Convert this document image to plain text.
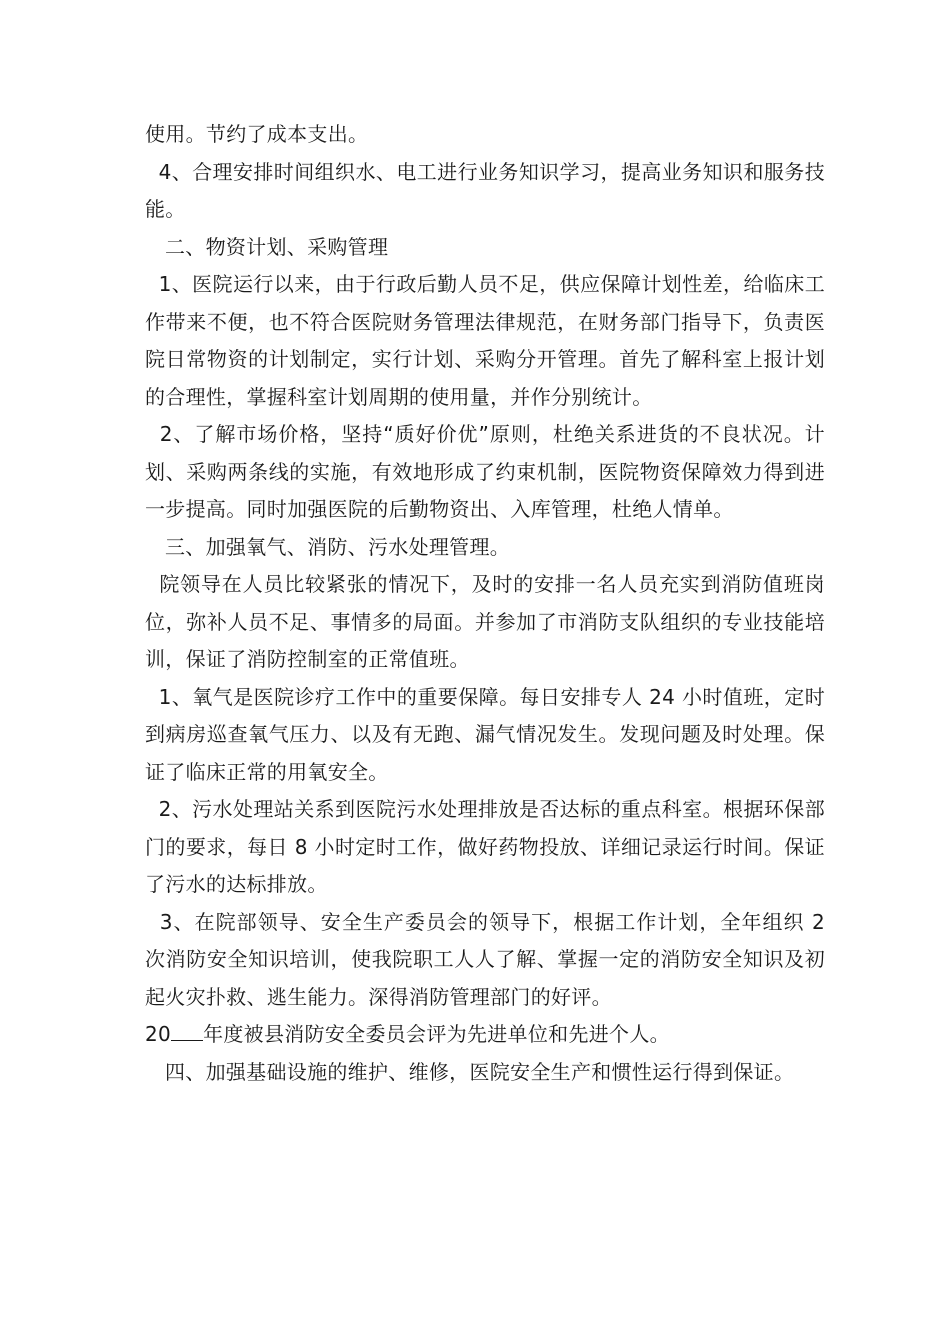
使用。节约了成本支出。

4、合理安排时间组织水、电工进行业务知识学习，提高业务知识和服务技能。

二、物资计划、采购管理

1、医院运行以来，由于行政后勤人员不足，供应保障计划性差，给临床工作带来不便，也不符合医院财务管理法律规范，在财务部门指导下，负责医院日常物资的计划制定，实行计划、采购分开管理。首先了解科室上报计划的合理性，掌握科室计划周期的使用量，并作分别统计。

2、了解市场价格，坚持“质好价优”原则，杜绝关系进货的不良状况。计划、采购两条线的实施，有效地形成了约束机制，医院物资保障效力得到进一步提高。同时加强医院的后勤物资出、入库管理，杜绝人情单。

三、加强氧气、消防、污水处理管理。

院领导在人员比较紧张的情况下，及时的安排一名人员充实到消防值班岗位，弥补人员不足、事情多的局面。并参加了市消防支队组织的专业技能培训，保证了消防控制室的正常值班。

1、氧气是医院诊疗工作中的重要保障。每日安排专人 24 小时值班，定时到病房巡查氧气压力、以及有无跑、漏气情况发生。发现问题及时处理。保证了临床正常的用氧安全。

2、污水处理站关系到医院污水处理排放是否达标的重点科室。根据环保部门的要求，每日 8 小时定时工作，做好药物投放、详细记录运行时间。保证了污水的达标排放。

3、在院部领导、安全生产委员会的领导下，根据工作计划，全年组织 2 次消防安全知识培训，使我院职工人人了解、掌握一定的消防安全知识及初起火灾扑救、逃生能力。深得消防管理部门的好评。

20 年度被县消防安全委员会评为先进单位和先进个人。

四、加强基础设施的维护、维修，医院安全生产和惯性运行得到保证。
